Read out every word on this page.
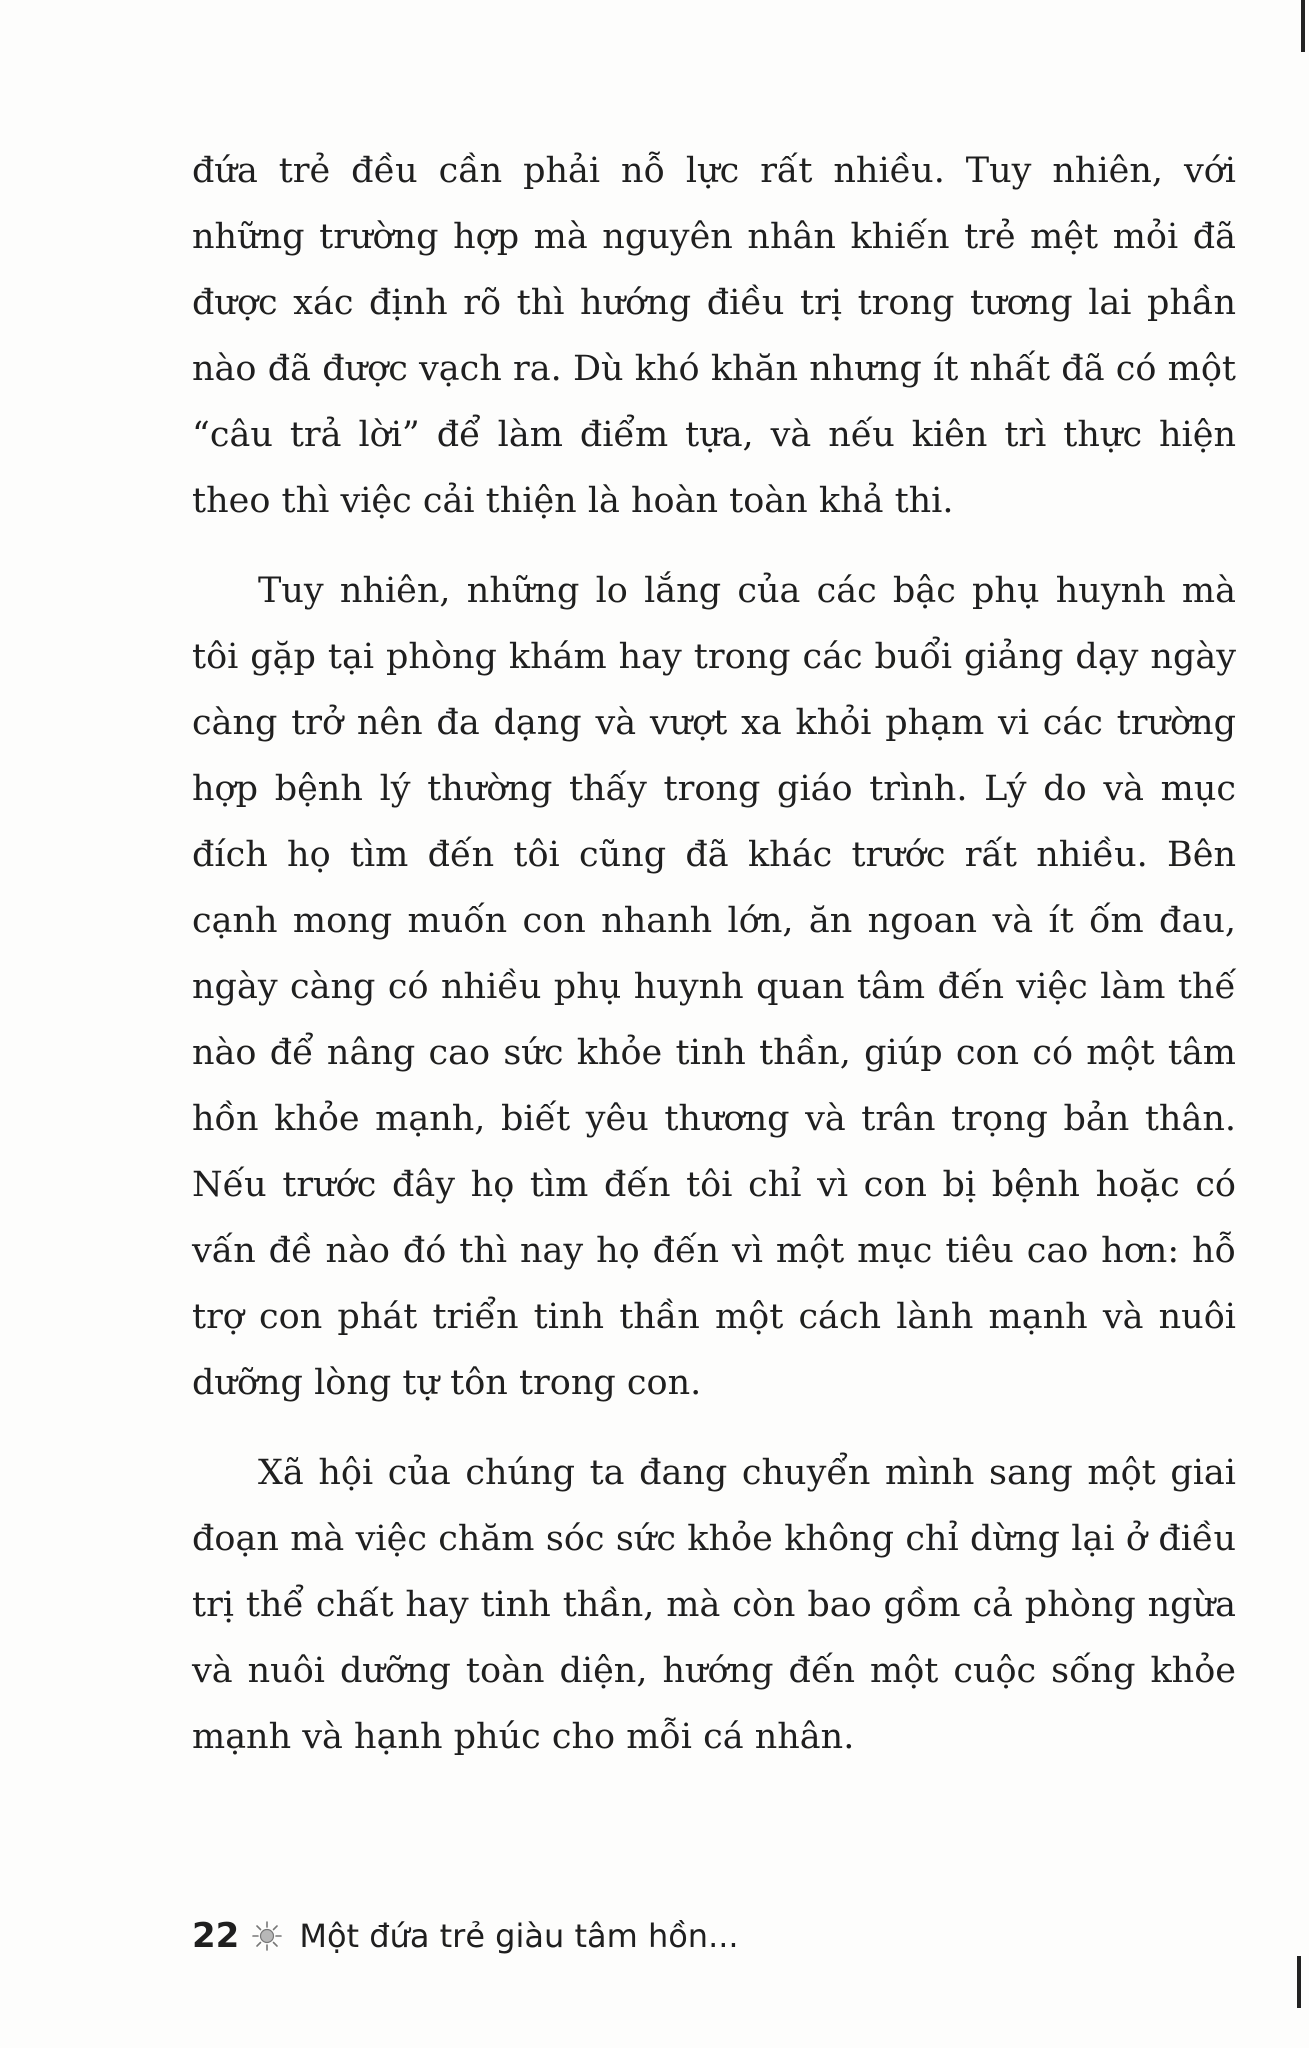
đứa trẻ đều cần phải nỗ lực rất nhiều. Tuy nhiên, với những trường hợp mà nguyên nhân khiến trẻ mệt mỏi đã được xác định rõ thì hướng điều trị trong tương lai phần nào đã được vạch ra. Dù khó khăn nhưng ít nhất đã có một “câu trả lời” để làm điểm tựa, và nếu kiên trì thực hiện theo thì việc cải thiện là hoàn toàn khả thi.

Tuy nhiên, những lo lắng của các bậc phụ huynh mà tôi gặp tại phòng khám hay trong các buổi giảng dạy ngày càng trở nên đa dạng và vượt xa khỏi phạm vi các trường hợp bệnh lý thường thấy trong giáo trình. Lý do và mục đích họ tìm đến tôi cũng đã khác trước rất nhiều. Bên cạnh mong muốn con nhanh lớn, ăn ngoan và ít ốm đau, ngày càng có nhiều phụ huynh quan tâm đến việc làm thế nào để nâng cao sức khỏe tinh thần, giúp con có một tâm hồn khỏe mạnh, biết yêu thương và trân trọng bản thân. Nếu trước đây họ tìm đến tôi chỉ vì con bị bệnh hoặc có vấn đề nào đó thì nay họ đến vì một mục tiêu cao hơn: hỗ trợ con phát triển tinh thần một cách lành mạnh và nuôi dưỡng lòng tự tôn trong con.

Xã hội của chúng ta đang chuyển mình sang một giai đoạn mà việc chăm sóc sức khỏe không chỉ dừng lại ở điều trị thể chất hay tinh thần, mà còn bao gồm cả phòng ngừa và nuôi dưỡng toàn diện, hướng đến một cuộc sống khỏe mạnh và hạnh phúc cho mỗi cá nhân.

22 Một đứa trẻ giàu tâm hồn...
